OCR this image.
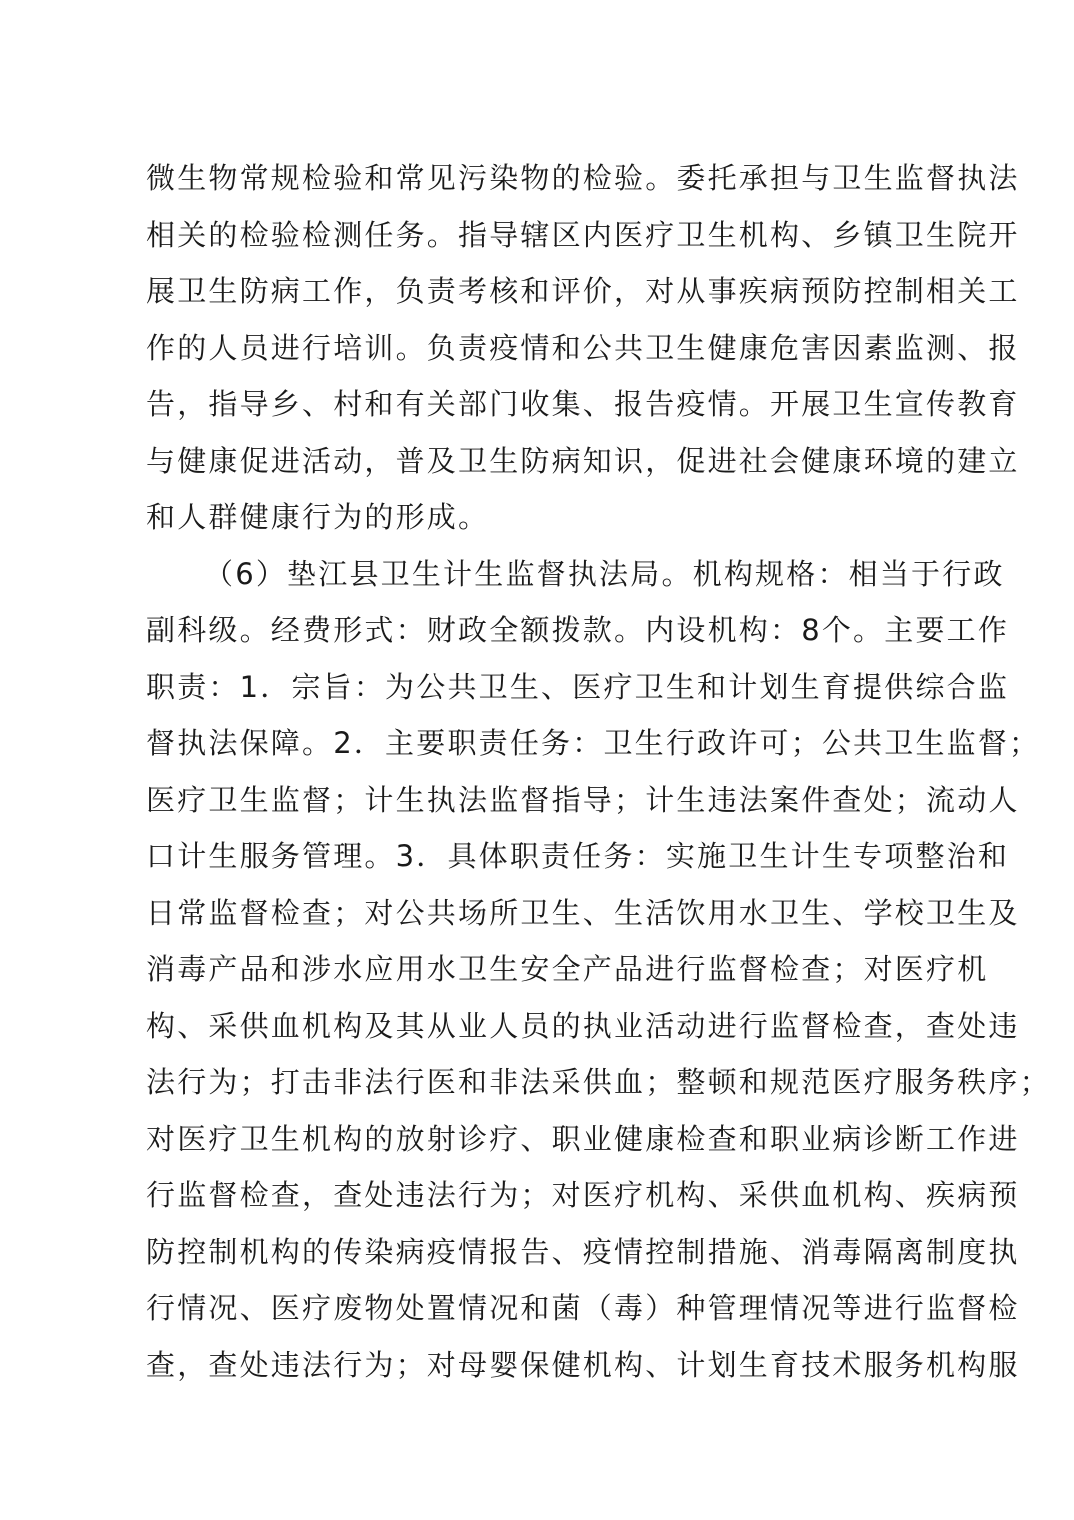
微生物常规检验和常见污染物的检验。委托承担与卫生监督执法
相关的检验检测任务。指导辖区内医疗卫生机构、乡镇卫生院开
展卫生防病工作，负责考核和评价，对从事疾病预防控制相关工
作的人员进行培训。负责疫情和公共卫生健康危害因素监测、报
告，指导乡、村和有关部门收集、报告疫情。开展卫生宣传教育
与健康促进活动，普及卫生防病知识，促进社会健康环境的建立
和人群健康行为的形成。
（6）垫江县卫生计生监督执法局。机构规格：相当于行政
副科级。经费形式：财政全额拨款。内设机构：8个。主要工作
职责：1．宗旨：为公共卫生、医疗卫生和计划生育提供综合监
督执法保障。2．主要职责任务：卫生行政许可；公共卫生监督；
医疗卫生监督；计生执法监督指导；计生违法案件查处；流动人
口计生服务管理。3．具体职责任务：实施卫生计生专项整治和
日常监督检查；对公共场所卫生、生活饮用水卫生、学校卫生及
消毒产品和涉水应用水卫生安全产品进行监督检查；对医疗机
构、采供血机构及其从业人员的执业活动进行监督检查，查处违
法行为；打击非法行医和非法采供血；整顿和规范医疗服务秩序；
对医疗卫生机构的放射诊疗、职业健康检查和职业病诊断工作进
行监督检查，查处违法行为；对医疗机构、采供血机构、疾病预
防控制机构的传染病疫情报告、疫情控制措施、消毒隔离制度执
行情况、医疗废物处置情况和菌（毒）种管理情况等进行监督检
查，查处违法行为；对母婴保健机构、计划生育技术服务机构服
